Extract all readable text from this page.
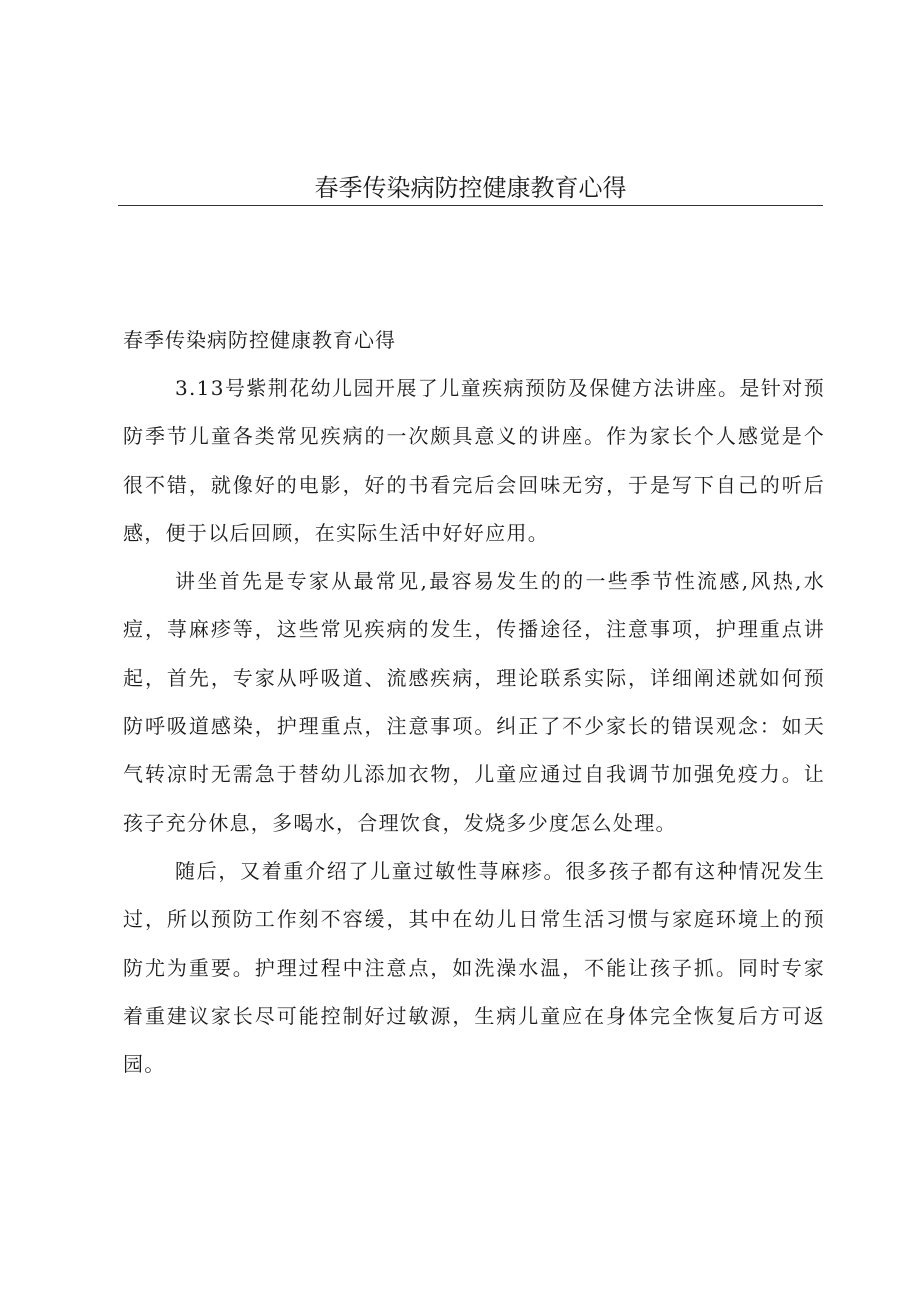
春季传染病防控健康教育心得

春季传染病防控健康教育心得

3.13号紫荆花幼儿园开展了儿童疾病预防及保健方法讲座。是针对预防季节儿童各类常见疾病的一次颇具意义的讲座。作为家长个人感觉是个很不错，就像好的电影，好的书看完后会回味无穷，于是写下自己的听后感，便于以后回顾，在实际生活中好好应用。

讲坐首先是专家从最常见,最容易发生的的一些季节性流感,风热,水痘，荨麻疹等，这些常见疾病的发生，传播途径，注意事项，护理重点讲起，首先，专家从呼吸道、流感疾病，理论联系实际，详细阐述就如何预防呼吸道感染，护理重点，注意事项。纠正了不少家长的错误观念：如天气转凉时无需急于替幼儿添加衣物，儿童应通过自我调节加强免疫力。让孩子充分休息，多喝水，合理饮食，发烧多少度怎么处理。

随后，又着重介绍了儿童过敏性荨麻疹。很多孩子都有这种情况发生过，所以预防工作刻不容缓，其中在幼儿日常生活习惯与家庭环境上的预防尤为重要。护理过程中注意点，如洗澡水温，不能让孩子抓。同时专家着重建议家长尽可能控制好过敏源，生病儿童应在身体完全恢复后方可返园。
